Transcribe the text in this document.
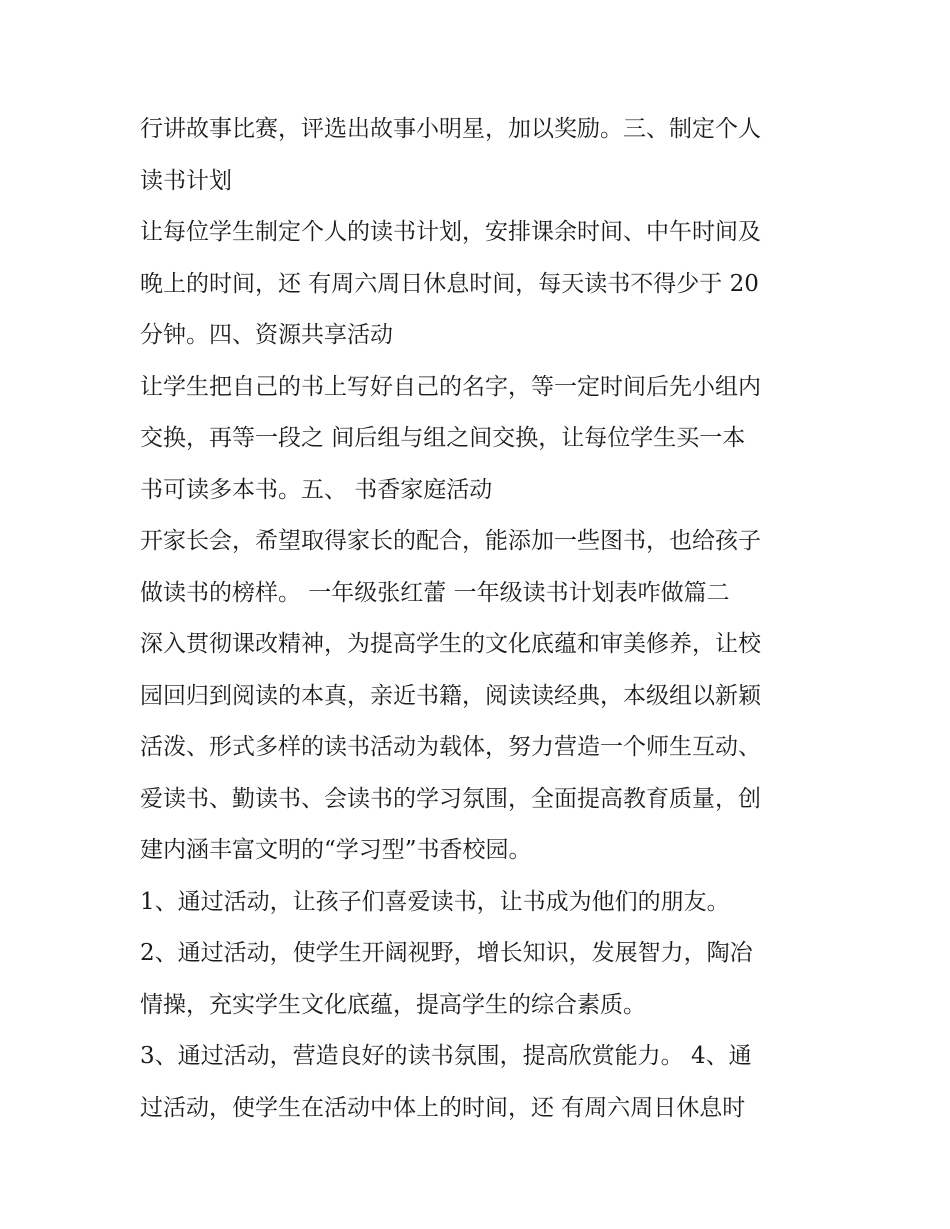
行讲故事比赛，评选出故事小明星，加以奖励。三、制定个人
读书计划
让每位学生制定个人的读书计划，安排课余时间、中午时间及
晚上的时间，还 有周六周日休息时间，每天读书不得少于 20
分钟。四、资源共享活动
让学生把自己的书上写好自己的名字，等一定时间后先小组内
交换，再等一段之 间后组与组之间交换，让每位学生买一本
书可读多本书。五、 书香家庭活动
开家长会，希望取得家长的配合，能添加一些图书，也给孩子
做读书的榜样。 一年级张红蕾 一年级读书计划表咋做篇二
深入贯彻课改精神，为提高学生的文化底蕴和审美修养，让校
园回归到阅读的本真，亲近书籍，阅读读经典，本级组以新颖
活泼、形式多样的读书活动为载体，努力营造一个师生互动、
爱读书、勤读书、会读书的学习氛围，全面提高教育质量，创
建内涵丰富文明的“学习型”书香校园。
1、通过活动，让孩子们喜爱读书，让书成为他们的朋友。
2、通过活动，使学生开阔视野，增长知识，发展智力，陶冶
情操，充实学生文化底蕴，提高学生的综合素质。
3、通过活动，营造良好的读书氛围，提高欣赏能力。 4、通
过活动，使学生在活动中体上的时间，还 有周六周日休息时
